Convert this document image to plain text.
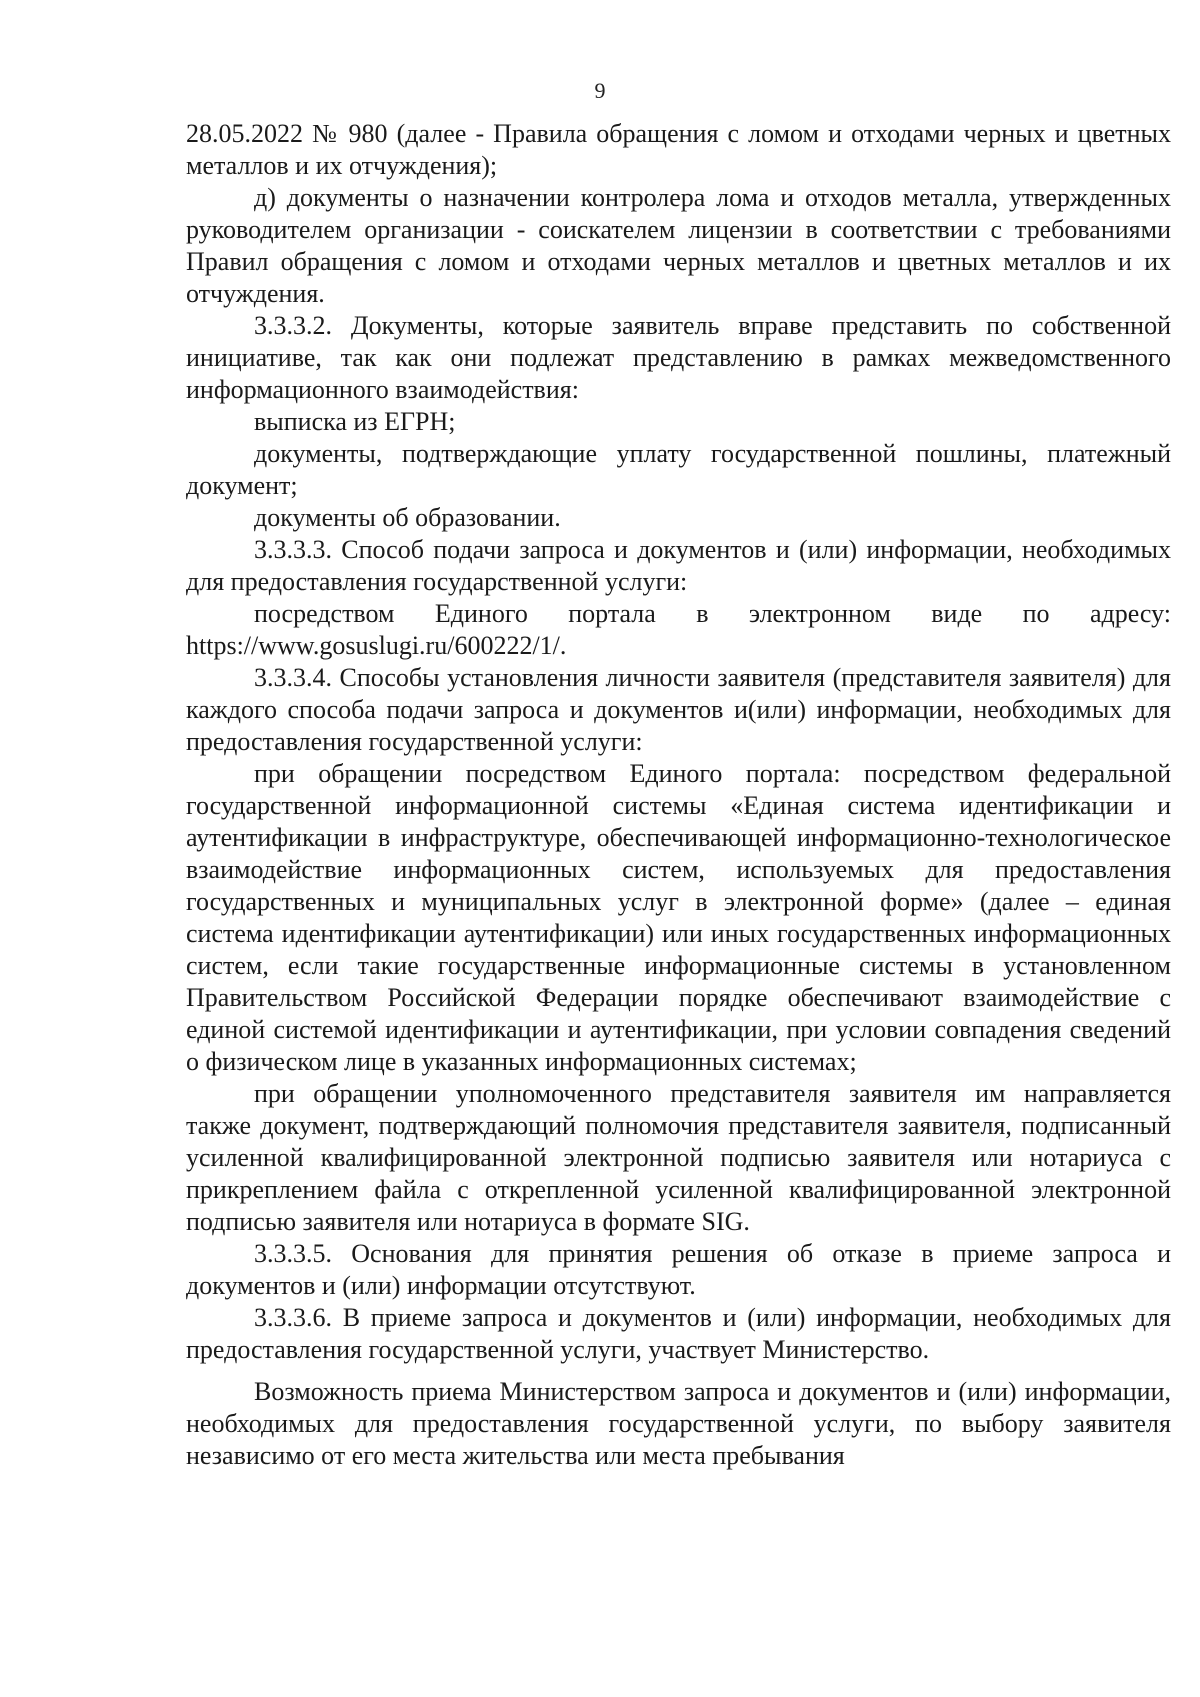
9

28.05.2022 № 980 (далее - Правила обращения с ломом и отходами черных и цветных металлов и их отчуждения);

д) документы о назначении контролера лома и отходов металла, утвержденных руководителем организации - соискателем лицензии в соответствии с требованиями Правил обращения с ломом и отходами черных металлов и цветных металлов и их отчуждения.

3.3.3.2. Документы, которые заявитель вправе представить по собственной инициативе, так как они подлежат представлению в рамках межведомственного информационного взаимодействия:

выписка из ЕГРН;

документы, подтверждающие уплату государственной пошлины, платежный документ;

документы об образовании.

3.3.3.3. Способ подачи запроса и документов и (или) информации, необходимых для предоставления государственной услуги:

посредством Единого портала в электронном виде по адресу: https://www.gosuslugi.ru/600222/1/.

3.3.3.4. Способы установления личности заявителя (представителя заявителя) для каждого способа подачи запроса и документов и(или) информации, необходимых для предоставления государственной услуги:

при обращении посредством Единого портала: посредством федеральной государственной информационной системы «Единая система идентификации и аутентификации в инфраструктуре, обеспечивающей информационно-технологическое взаимодействие информационных систем, используемых для предоставления государственных и муниципальных услуг в электронной форме» (далее – единая система идентификации аутентификации) или иных государственных информационных систем, если такие государственные информационные системы в установленном Правительством Российской Федерации порядке обеспечивают взаимодействие с единой системой идентификации и аутентификации, при условии совпадения сведений о физическом лице в указанных информационных системах;

при обращении уполномоченного представителя заявителя им направляется также документ, подтверждающий полномочия представителя заявителя, подписанный усиленной квалифицированной электронной подписью заявителя или нотариуса с прикреплением файла с открепленной усиленной квалифицированной электронной подписью заявителя или нотариуса в формате SIG.

3.3.3.5. Основания для принятия решения об отказе в приеме запроса и документов и (или) информации отсутствуют.

3.3.3.6. В приеме запроса и документов и (или) информации, необходимых для предоставления государственной услуги, участвует Министерство.

Возможность приема Министерством запроса и документов и (или) информации, необходимых для предоставления государственной услуги, по выбору заявителя независимо от его места жительства или места пребывания
